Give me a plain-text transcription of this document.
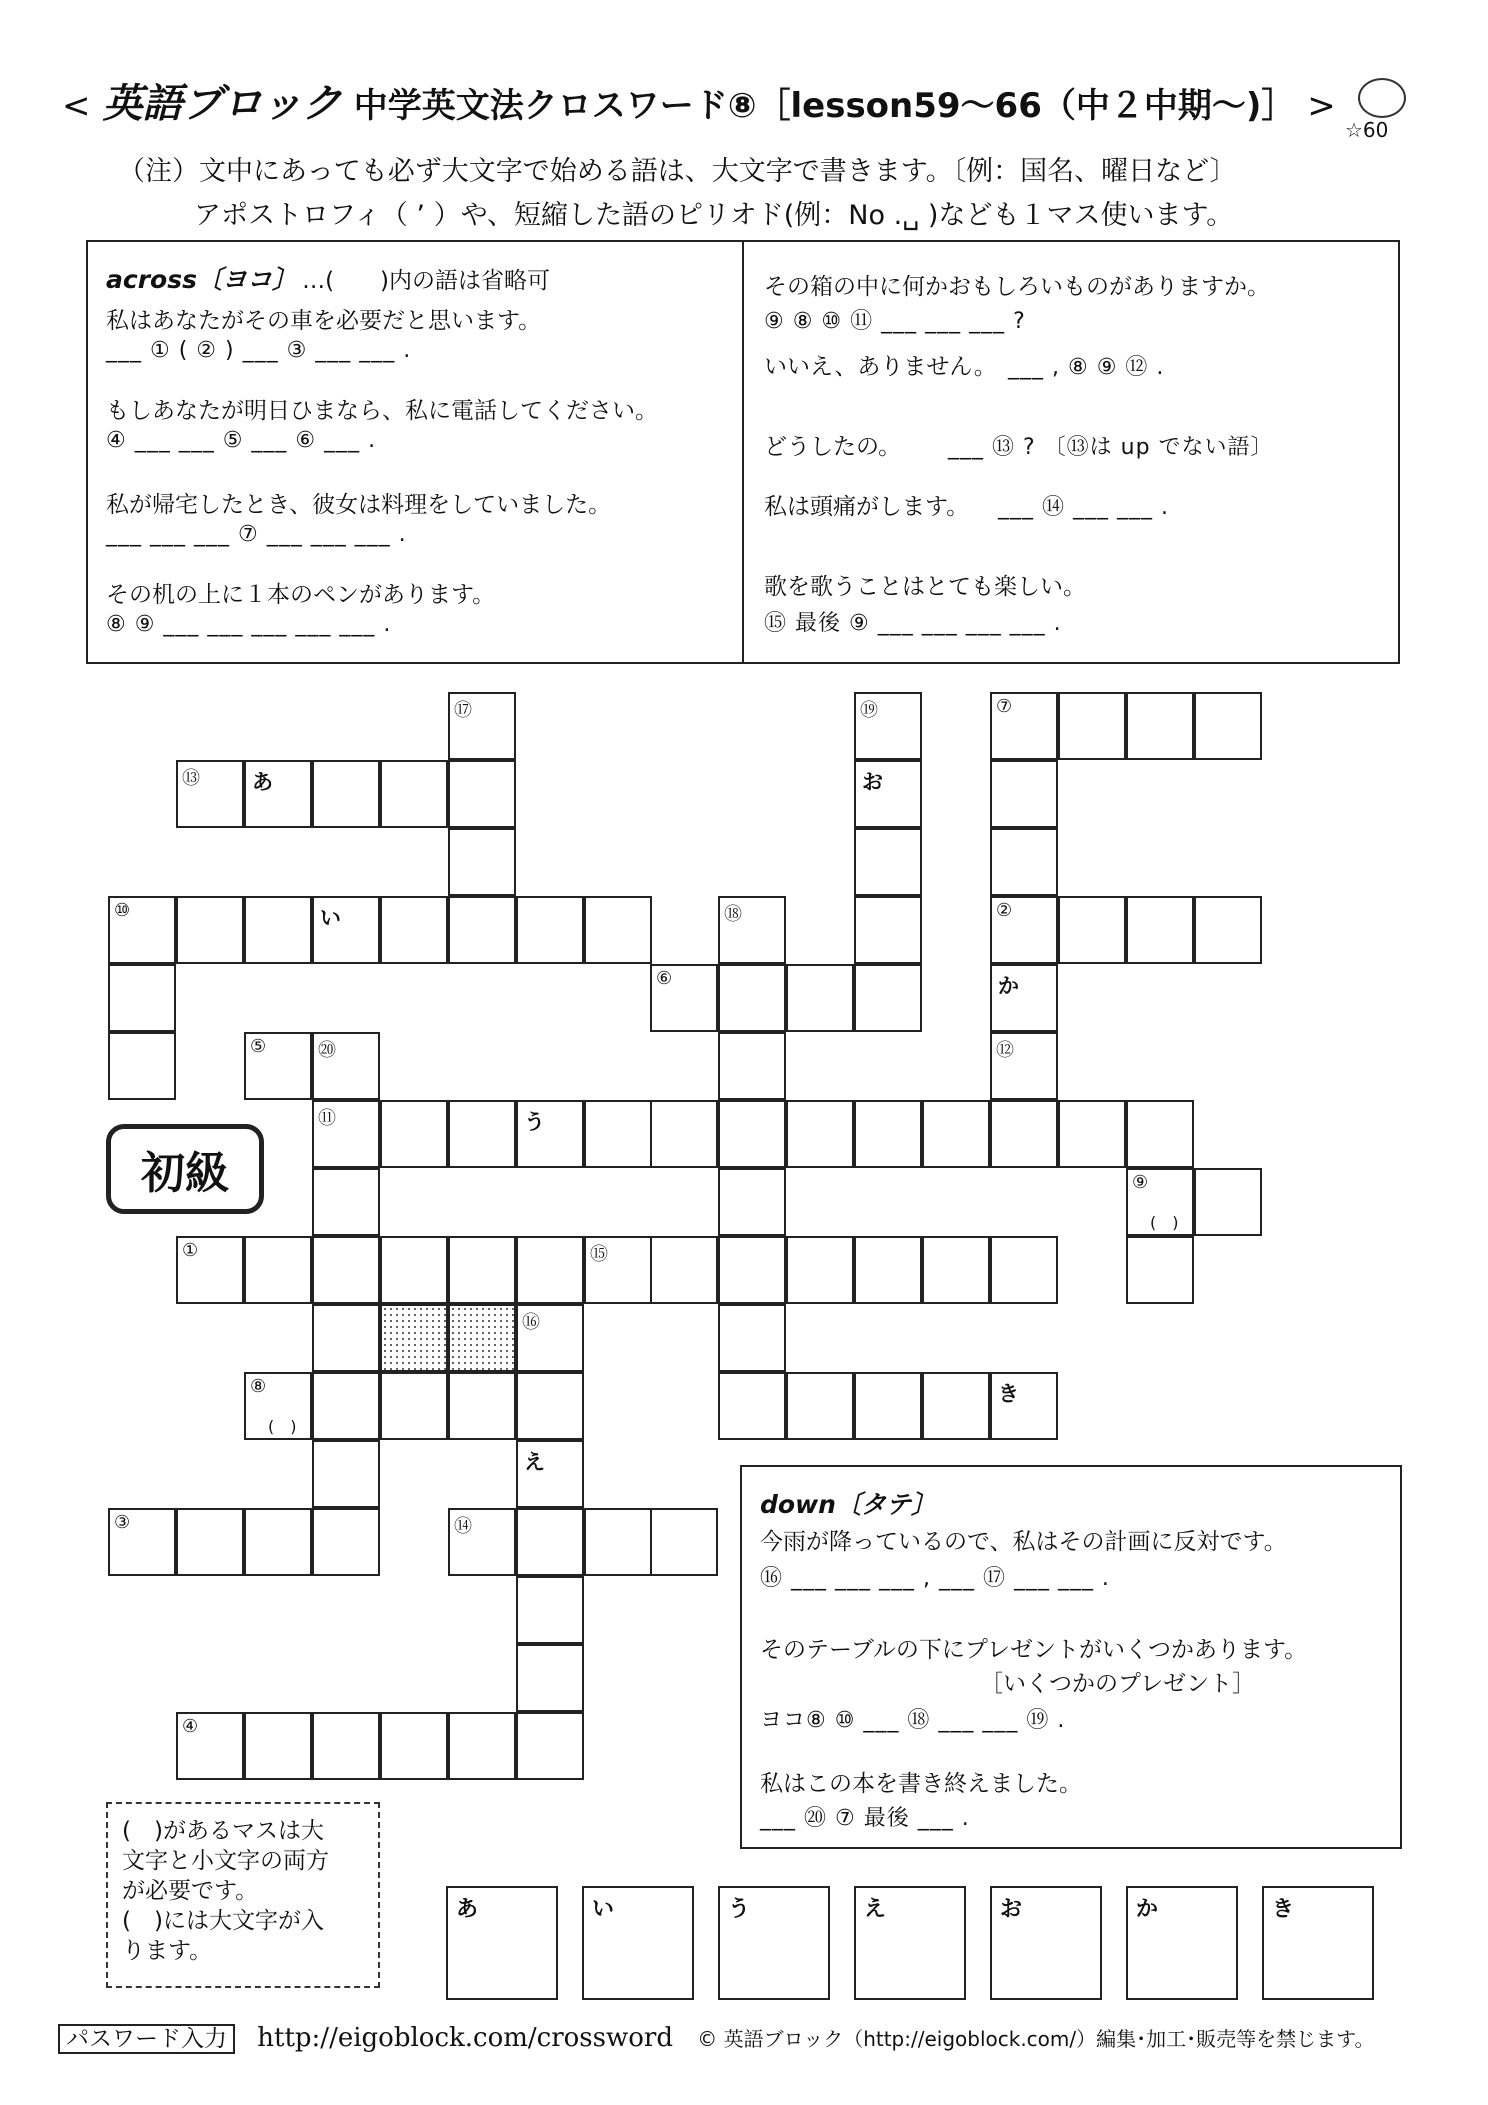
< 英語ブロック 中学英文法クロスワード⑧［lesson59〜66（中２中期〜)］ >
☆60
（注）文中にあっても必ず大文字で始める語は、大文字で書きます。〔例：国名、曜日など〕
アポストロフィ（ ’ ）や、短縮した語のピリオド(例：No .␣ )なども１マス使います。
across〔ヨコ〕 …(　　)内の語は省略可
私はあなたがその車を必要だと思います。
___ ① ( ② ) ___ ③ ___ ___ .
もしあなたが明日ひまなら、私に電話してください。
④ ___ ___ ⑤ ___ ⑥ ___ .
私が帰宅したとき、彼女は料理をしていました。
___ ___ ___ ⑦ ___ ___ ___ .
その机の上に１本のペンがあります。
⑧ ⑨ ___ ___ ___ ___ ___ .
その箱の中に何かおもしろいものがありますか。
⑨ ⑧ ⑩ ⑪ ___ ___ ___ ?
いいえ、ありません。 ___ , ⑧ ⑨ ⑫ .
どうしたの。 ___ ⑬ ? 〔⑬は up でない語〕
私は頭痛がします。 ___ ⑭ ___ ___ .
歌を歌うことはとても楽しい。
⑮ 最後 ⑨ ___ ___ ___ ___ .
⑰	⑲	⑦
⑬ あ	お
⑩	い	⑱	②
⑥	か
⑤	⑳	⑫
⑪	う
⑨
(　)
①	⑮
⑯
⑧
(　)
き
え
③	⑭
④
初級
down〔タテ〕
今雨が降っているので、私はその計画に反対です。
⑯ ___ ___ ___ , ___ ⑰ ___ ___ .
そのテーブルの下にプレゼントがいくつかあります。
［いくつかのプレゼント］
ヨコ⑧ ⑩ ___ ⑱ ___ ___ ⑲ .
私はこの本を書き終えました。
___ ⑳ ⑦ 最後 ___ .
(　)があるマスは大
文字と小文字の両方
が必要です。
(　)には大文字が入
ります。
あ	い	う	え	お	か	き
パスワード入力 http://eigoblock.com/crossword © 英語ブロック（http://eigoblock.com/）編集･加工･販売等を禁じます。
